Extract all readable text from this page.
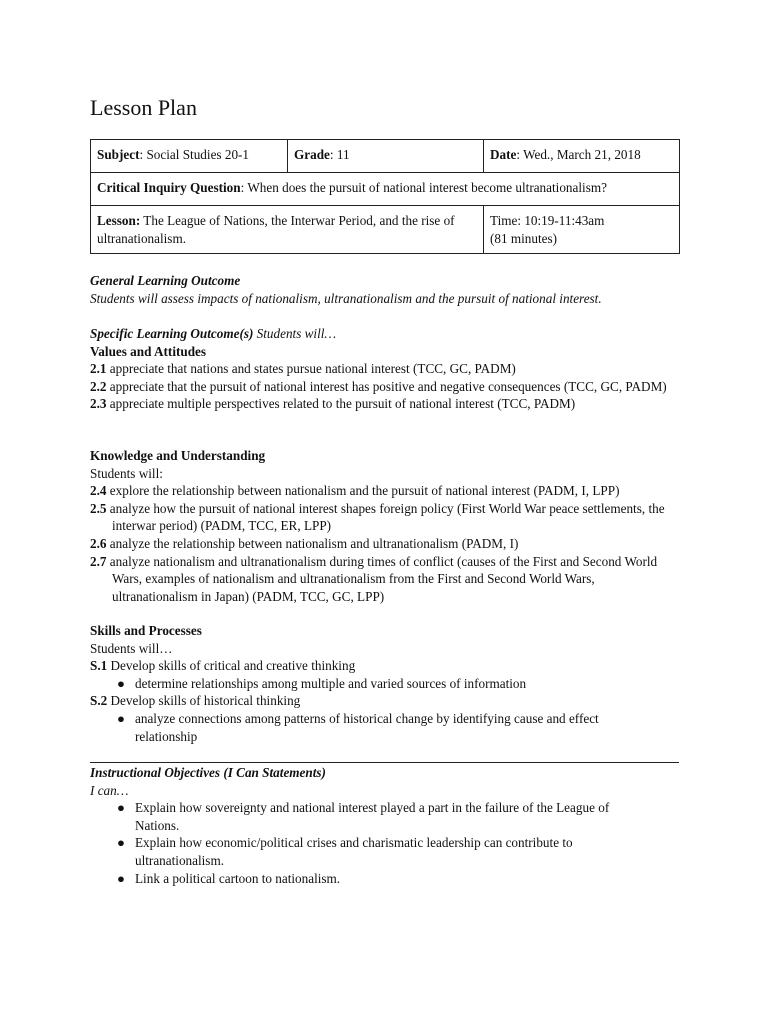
Lesson Plan
Subject: Social Studies 20-1	Grade: 11	Date: Wed., March 21, 2018
Critical Inquiry Question: When does the pursuit of national interest become ultranationalism?		
Lesson: The League of Nations, the Interwar Period, and the rise of ultranationalism.		Time: 10:19-11:43am
(81 minutes)
General Learning Outcome
Students will assess impacts of nationalism, ultranationalism and the pursuit of national interest.
Specific Learning Outcome(s) Students will…
Values and Attitudes
2.1 appreciate that nations and states pursue national interest (TCC, GC, PADM)
2.2 appreciate that the pursuit of national interest has positive and negative consequences (TCC, GC, PADM)
2.3 appreciate multiple perspectives related to the pursuit of national interest (TCC, PADM)
Knowledge and Understanding
Students will:
2.4 explore the relationship between nationalism and the pursuit of national interest (PADM, I, LPP)
2.5 analyze how the pursuit of national interest shapes foreign policy (First World War peace settlements, the interwar period) (PADM, TCC, ER, LPP)
2.6 analyze the relationship between nationalism and ultranationalism (PADM, I)
2.7 analyze nationalism and ultranationalism during times of conflict (causes of the First and Second World Wars, examples of nationalism and ultranationalism from the First and Second World Wars, ultranationalism in Japan) (PADM, TCC, GC, LPP)
Skills and Processes
Students will…
S.1 Develop skills of critical and creative thinking
● determine relationships among multiple and varied sources of information
S.2 Develop skills of historical thinking
● analyze connections among patterns of historical change by identifying cause and effect relationship
Instructional Objectives (I Can Statements)
I can…
● Explain how sovereignty and national interest played a part in the failure of the League of Nations.
● Explain how economic/political crises and charismatic leadership can contribute to ultranationalism.
● Link a political cartoon to nationalism.
